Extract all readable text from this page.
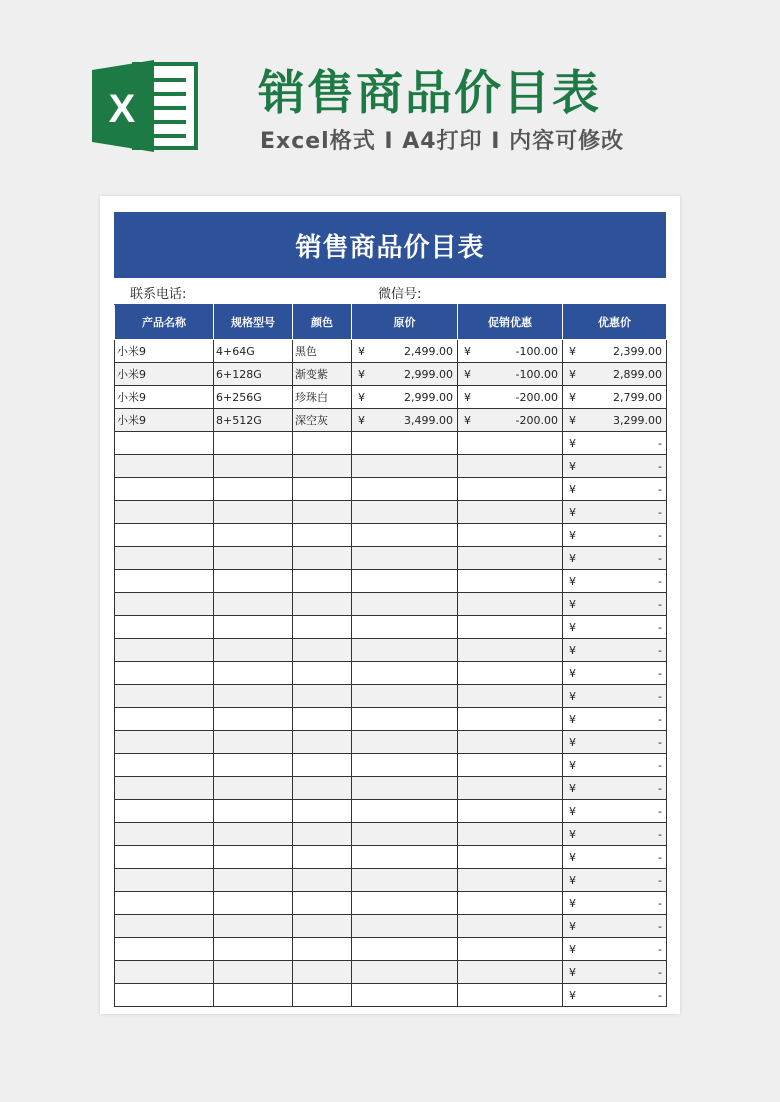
X	销售商品价目表
Excel格式 I A4打印 I 内容可修改
销售商品价目表
联系电话:	微信号:
产品名称	规格型号	颜色	原价	促销优惠	优惠价
小米9	4+64G	黑色	¥ 2,499.00	¥ -100.00	¥ 2,399.00

小米9	6+128G	渐变紫	¥ 2,999.00	¥ -100.00	¥ 2,899.00

小米9	6+256G	珍珠白	¥ 2,999.00	¥ -200.00	¥ 2,799.00

小米9	8+512G	深空灰	¥ 3,499.00	¥ -200.00	¥ 3,299.00

					¥ -

					¥ -

					¥ -

					¥ -

					¥ -

					¥ -

					¥ -

					¥ -

					¥ -

					¥ -

					¥ -

					¥ -

					¥ -

					¥ -

					¥ -

					¥ -

					¥ -

					¥ -

					¥ -

					¥ -

					¥ -

					¥ -

					¥ -

					¥ -

					¥ -
